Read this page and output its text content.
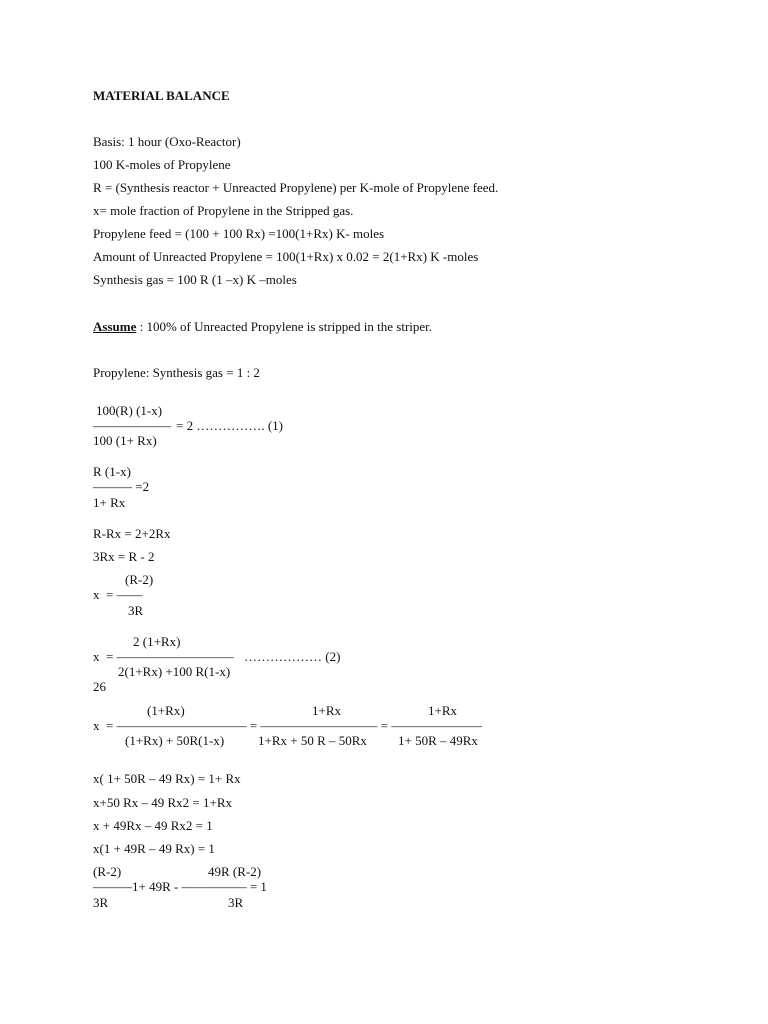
MATERIAL BALANCE
Basis: 1 hour (Oxo-Reactor)
100 K-moles of Propylene
R = (Synthesis reactor + Unreacted Propylene) per K-mole of Propylene feed.
x= mole fraction of Propylene in the Stripped gas.
Propylene feed = (100 + 100 Rx) =100(1+Rx) K- moles
Amount of Unreacted Propylene = 100(1+Rx) x 0.02 = 2(1+Rx) K -moles
Synthesis gas = 100 R (1 –x) K –moles
Assume : 100% of Unreacted Propylene is stripped in the striper.
Propylene: Synthesis gas = 1 : 2
100(R) (1-x)
—————— = 2 ……………. (1)
100 (1+ Rx)
R (1-x)
——— =2
1+ Rx
R-Rx = 2+2Rx
3Rx = R - 2
(R-2)
x  = ——
3R
2 (1+Rx)
x  = ————————— ……………… (2)
2(1+Rx) +100 R(1-x)
26
(1+Rx)	1+Rx	1+Rx
x  = —————————— = ————————— = ———————
(1+Rx) + 50R(1-x)	1+Rx + 50 R – 50Rx 1+ 50R – 49Rx
x( 1+ 50R – 49 Rx) = 1+ Rx
x+50 Rx – 49 Rx2 = 1+Rx
x + 49Rx – 49 Rx2 = 1
x(1 + 49R – 49 Rx) = 1
(R-2)	49R (R-2)
———1+ 49R - ————— = 1
3R	3R
